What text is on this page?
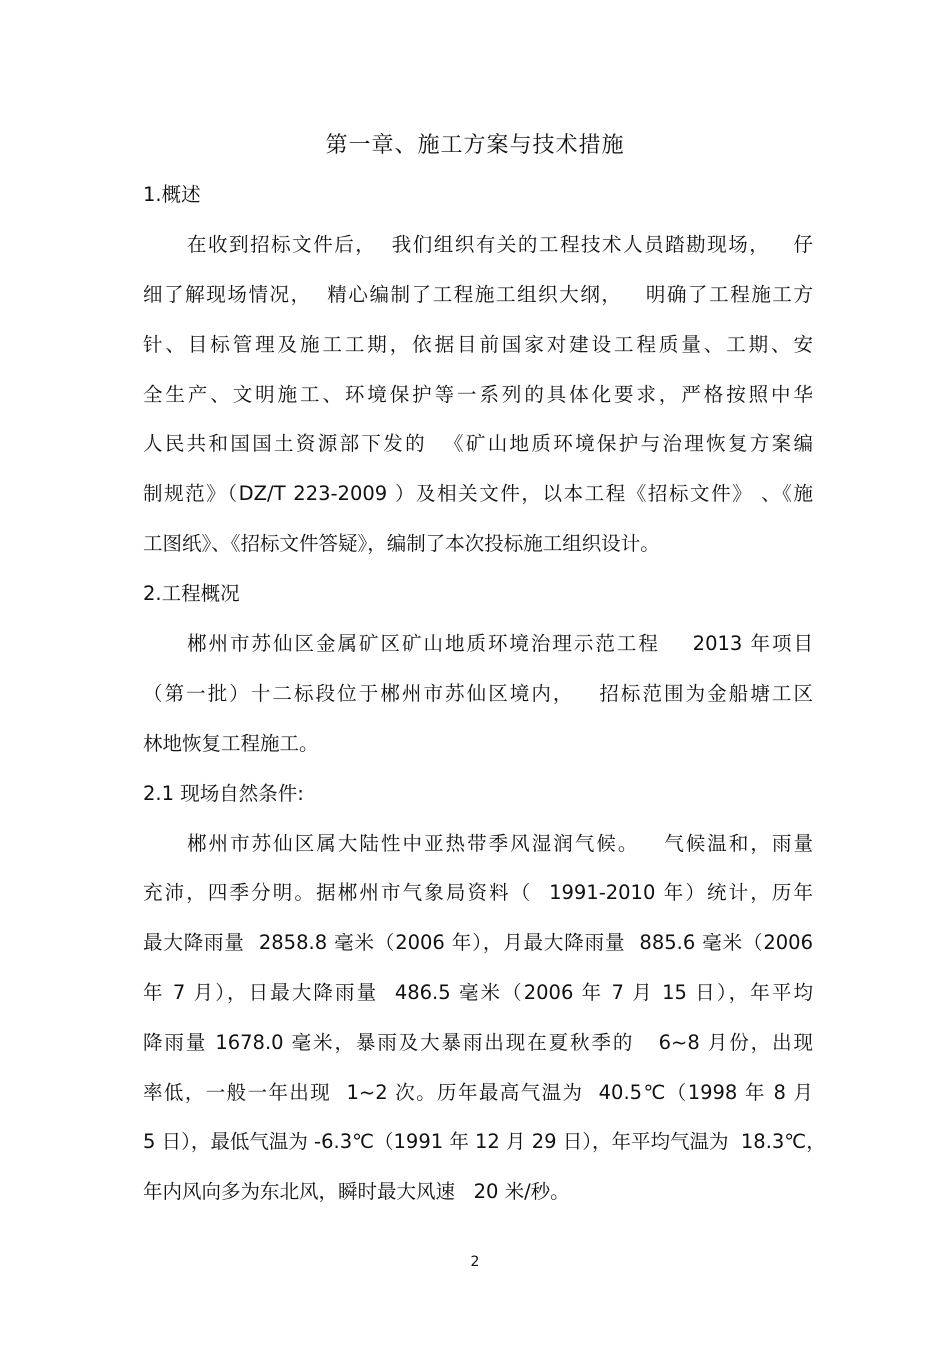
第一章、施工方案与技术措施
1.概述
在收到招标文件后，  我们组织有关的工程技术人员踏勘现场，   仔
细了解现场情况，  精心编制了工程施工组织大纲，   明确了工程施工方
针、目标管理及施工工期，依据目前国家对建设工程质量、工期、安
全生产、文明施工、环境保护等一系列的具体化要求，严格按照中华
人民共和国国土资源部下发的  《矿山地质环境保护与治理恢复方案编
制规范》（DZ/T 223-2009 ）及相关文件，以本工程《招标文件》 、《施
工图纸》、《招标文件答疑》，编制了本次投标施工组织设计。
2.工程概况
郴州市苏仙区金属矿区矿山地质环境治理示范工程    2013 年项目
（第一批）十二标段位于郴州市苏仙区境内，   招标范围为金船塘工区
林地恢复工程施工。
2.1 现场自然条件:
郴州市苏仙区属大陆性中亚热带季风湿润气候。   气候温和，雨量
充沛，四季分明。据郴州市气象局资料（  1991-2010 年）统计，历年
最大降雨量  2858.8 毫米（2006 年），月最大降雨量  885.6 毫米（2006
年 7 月），日最大降雨量  486.5 毫米（2006 年 7 月 15 日），年平均
降雨量 1678.0 毫米，暴雨及大暴雨出现在夏秋季的   6~8 月份，出现
率低，一般一年出现  1~2 次。历年最高气温为  40.5℃（1998 年 8 月
5 日），最低气温为 -6.3℃（1991 年 12 月 29 日），年平均气温为  18.3℃，
年内风向多为东北风，瞬时最大风速   20 米/秒。
2
